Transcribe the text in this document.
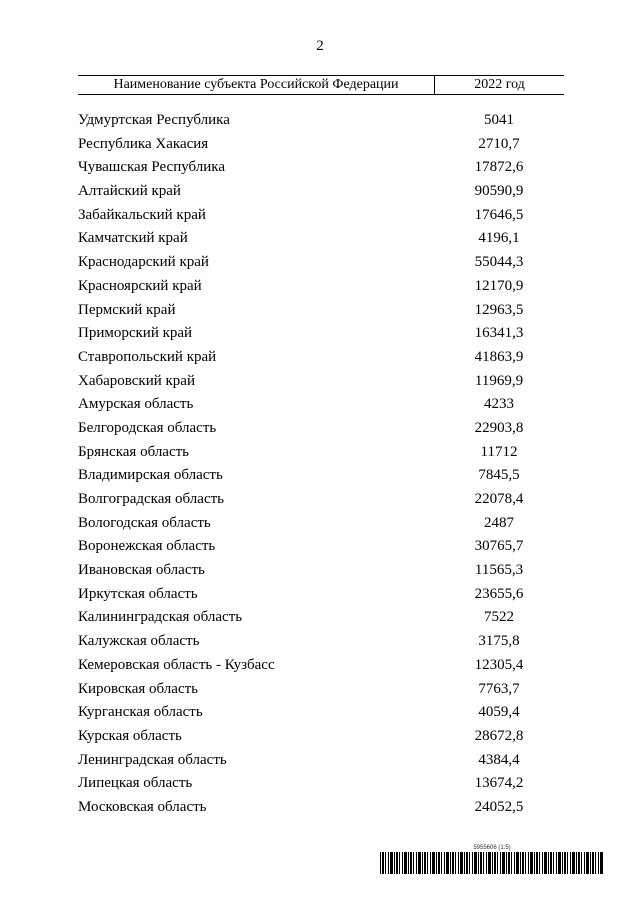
2
Наименование субъекта Российской Федерации	2022 год
Удмуртская Республика	5041
Республика Хакасия	2710,7
Чувашская Республика	17872,6
Алтайский край	90590,9
Забайкальский край	17646,5
Камчатский край	4196,1
Краснодарский край	55044,3
Красноярский край	12170,9
Пермский край	12963,5
Приморский край	16341,3
Ставропольский край	41863,9
Хабаровский край	11969,9
Амурская область	4233
Белгородская область	22903,8
Брянская область	11712
Владимирская область	7845,5
Волгоградская область	22078,4
Вологодская область	2487
Воронежская область	30765,7
Ивановская область	11565,3
Иркутская область	23655,6
Калининградская область	7522
Калужская область	3175,8
Кемеровская область - Кузбасс	12305,4
Кировская область	7763,7
Курганская область	4059,4
Курская область	28672,8
Ленинградская область	4384,4
Липецкая область	13674,2
Московская область	24052,5
5955606 (1.5)
